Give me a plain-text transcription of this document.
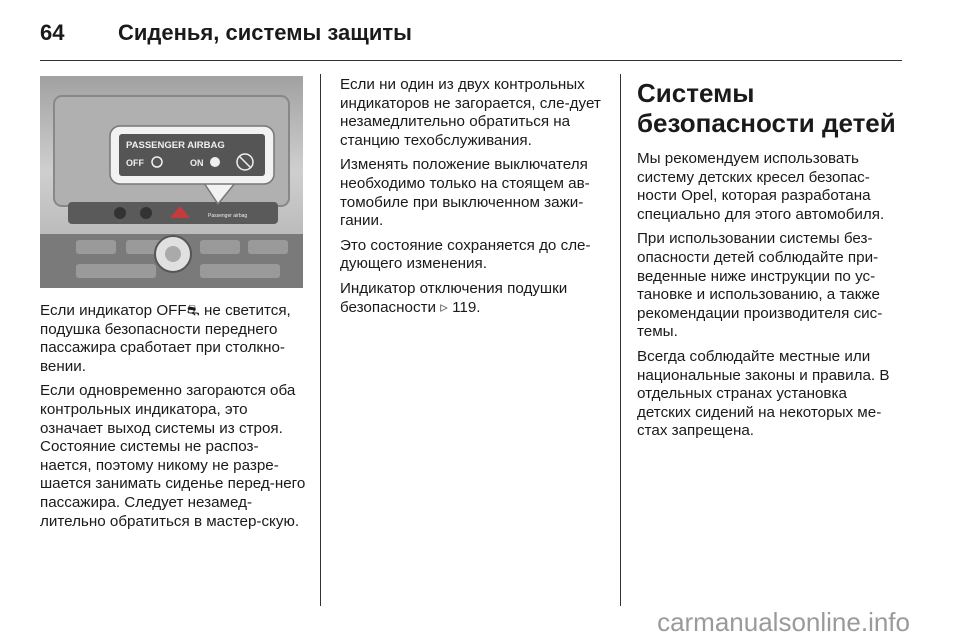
64 Сиденья, системы защиты
PASSENGER AIRBAG
OFF	ON
Passenger airbag

Если индикатор OFF⛐ не светится, подушка безопасности переднего пассажира сработает при столкно-вении.

Если одновременно загораются оба контрольных индикатора, это означает выход системы из строя. Состояние системы не распоз-нается, поэтому никому не разре-шается занимать сиденье перед-него пассажира. Следует незамед-лительно обратиться в мастер-скую.

Если ни один из двух контрольных индикаторов не загорается, сле-дует незамедлительно обратиться на станцию техобслуживания.

Изменять положение выключателя необходимо только на стоящем ав-томобиле при выключенном зажи-гании.

Это состояние сохраняется до сле-дующего изменения.

Индикатор отключения подушки безопасности ▹ 119.

Системы безопасности детей

Мы рекомендуем использовать систему детских кресел безопас-ности Opel, которая разработана специально для этого автомобиля.

При использовании системы без-опасности детей соблюдайте при-веденные ниже инструкции по ус-тановке и использованию, а также рекомендации производителя сис-темы.

Всегда соблюдайте местные или национальные законы и правила. В отдельных странах установка детских сидений на некоторых ме-стах запрещена.

carmanualsonline.info
